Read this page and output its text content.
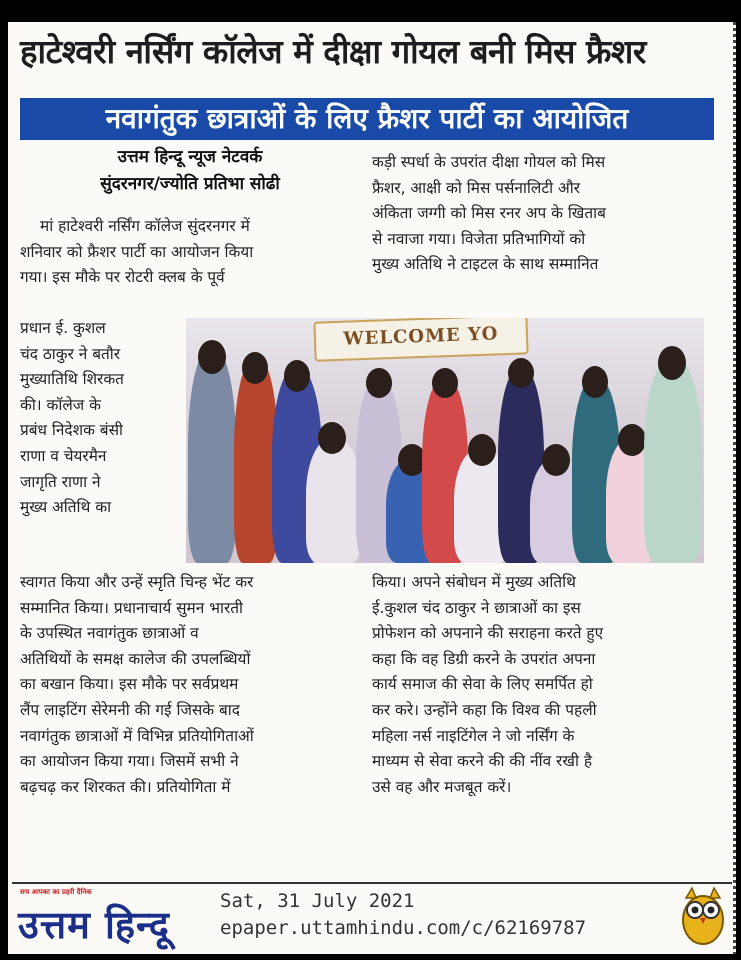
हाटेश्वरी नर्सिंग कॉलेज में दीक्षा गोयल बनी मिस फ्रैशर
नवागंतुक छात्राओं के लिए फ्रैशर पार्टी का आयोजित
उत्तम हिन्दू न्यूज नेटवर्क
सुंदरनगर/ज्योति प्रतिभा सोढी

मां हाटेश्वरी नर्सिंग कॉलेज सुंदरनगर में

शनिवार को फ्रैशर पार्टी का आयोजन किया

गया। इस मौके पर रोटरी क्लब के पूर्व

प्रधान ई. कुशल

चंद ठाकुर ने बतौर

मुख्यातिथि शिरकत

की। कॉलेज के

प्रबंध निदेशक बंसी

राणा व चेयरमैन

जागृति राणा ने

मुख्य अतिथि का

कड़ी स्पर्धा के उपरांत दीक्षा गोयल को मिस

फ्रैशर, आक्षी को मिस पर्सनालिटी और

अंकिता जग्गी को मिस रनर अप के खिताब

से नवाजा गया। विजेता प्रतिभागियों को

मुख्य अतिथि ने टाइटल के साथ सम्मानित

WELCOME YO

स्वागत किया और उन्हें स्मृति चिन्ह भेंट कर

सम्मानित किया। प्रधानाचार्य सुमन भारती

के उपस्थित नवागंतुक छात्राओं व

अतिथियों के समक्ष कालेज की उपलब्धियों

का बखान किया। इस मौके पर सर्वप्रथम

लैंप लाइटिंग सेरेमनी की गई जिसके बाद

नवागंतुक छात्राओं में विभिन्न प्रतियोगिताओं

का आयोजन किया गया। जिसमें सभी ने

बढ़चढ़ कर शिरकत की। प्रतियोगिता में

किया। अपने संबोधन में मुख्य अतिथि

ई.कुशल चंद ठाकुर ने छात्राओं का इस

प्रोफेशन को अपनाने की सराहना करते हुए

कहा कि वह डिग्री करने के उपरांत अपना

कार्य समाज की सेवा के लिए समर्पित हो

कर करे। उन्होंने कहा कि विश्व की पहली

महिला नर्स नाइटिंगेल ने जो नर्सिंग के

माध्यम से सेवा करने की की नींव रखी है

उसे वह और मजबूत करें।

सच आपका का प्रहरी दैनिक
उत्तम हिन्दू
Sat, 31 July 2021
epaper.uttamhindu.com/c/62169787
